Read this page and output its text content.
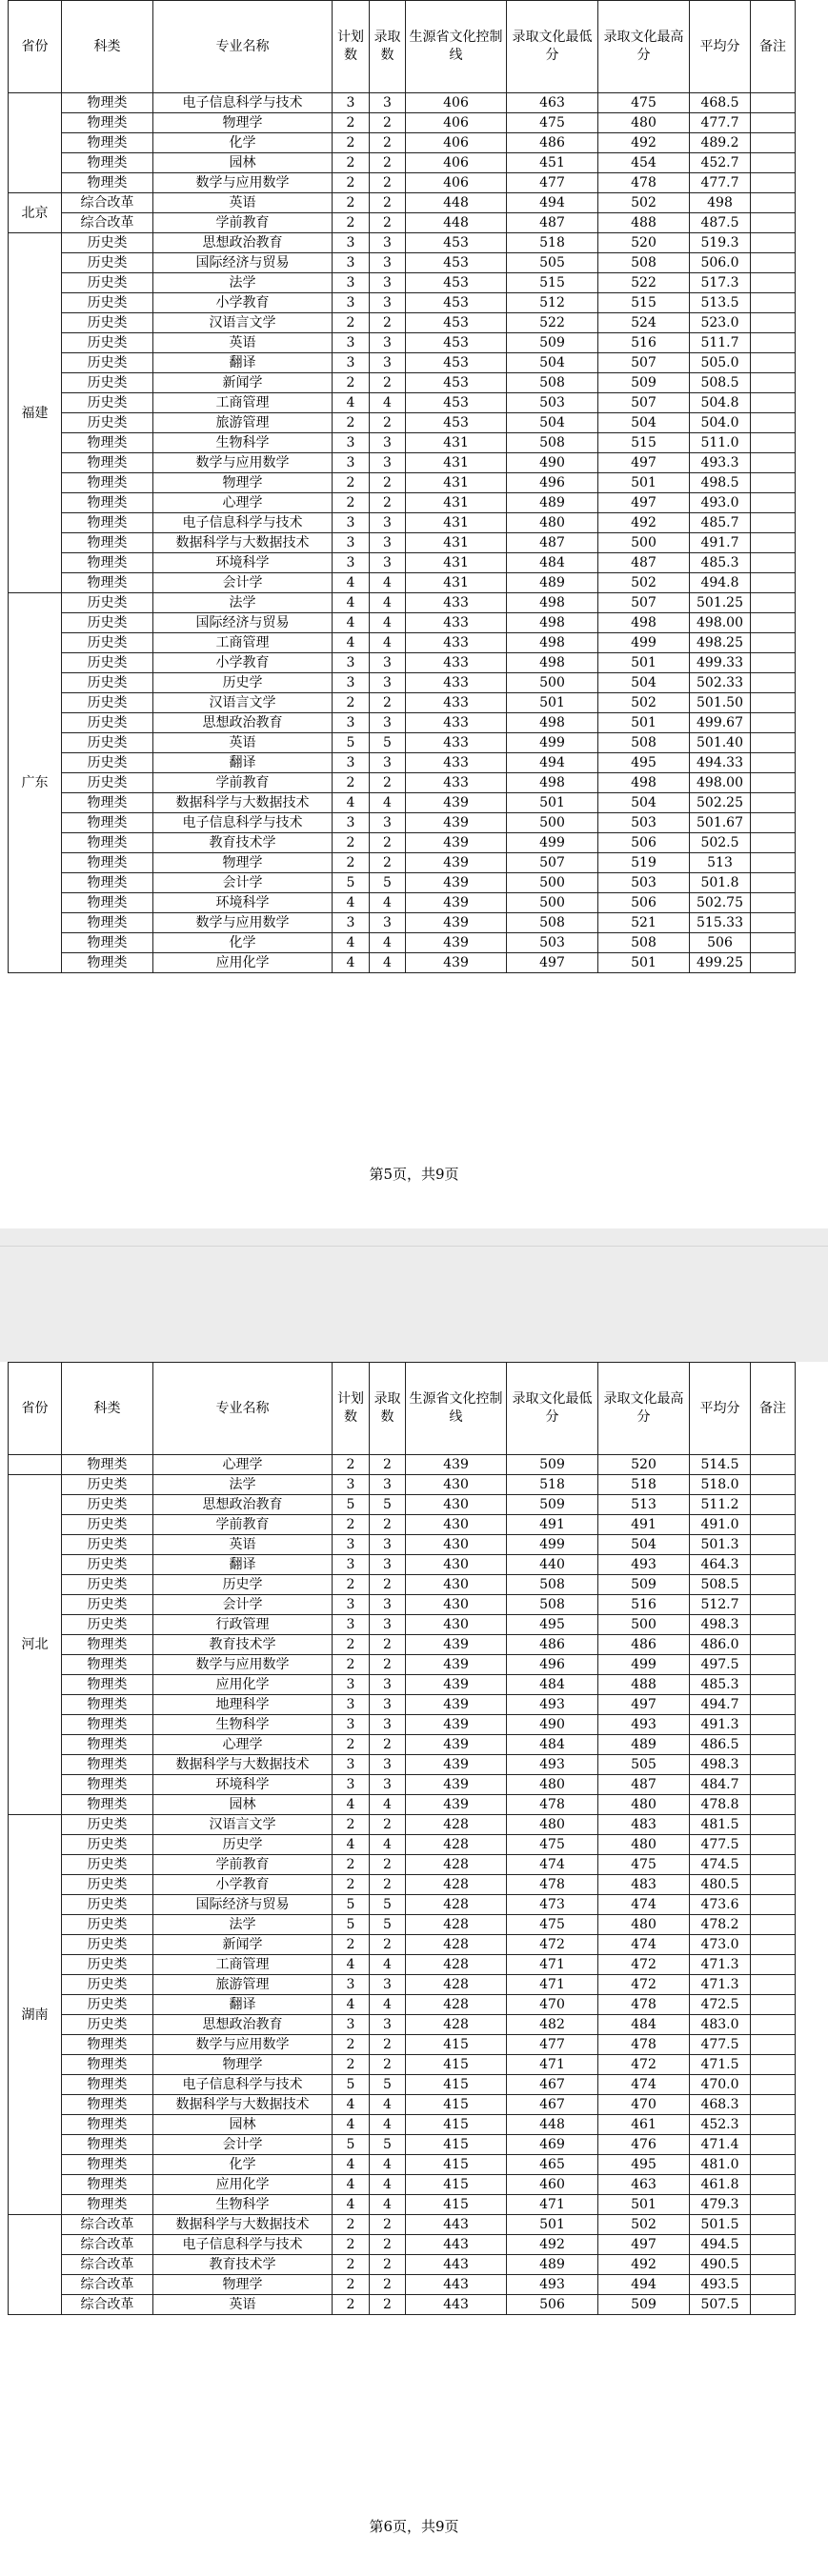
省份	科类	专业名称	计划数	录取数	生源省文化控制线	录取文化最低分	录取文化最高分	平均分	备注
	物理类	电子信息科学与技术	3	3	406	463	475	468.5	
	物理类	物理学	2	2	406	475	480	477.7	
	物理类	化学	2	2	406	486	492	489.2	
	物理类	园林	2	2	406	451	454	452.7	
	物理类	数学与应用数学	2	2	406	477	478	477.7	
北京	综合改革	英语	2	2	448	494	502	498	
	综合改革	学前教育	2	2	448	487	488	487.5	
福建	历史类	思想政治教育	3	3	453	518	520	519.3	
	历史类	国际经济与贸易	3	3	453	505	508	506.0	
	历史类	法学	3	3	453	515	522	517.3	
	历史类	小学教育	3	3	453	512	515	513.5	
	历史类	汉语言文学	2	2	453	522	524	523.0	
	历史类	英语	3	3	453	509	516	511.7	
	历史类	翻译	3	3	453	504	507	505.0	
	历史类	新闻学	2	2	453	508	509	508.5	
	历史类	工商管理	4	4	453	503	507	504.8	
	历史类	旅游管理	2	2	453	504	504	504.0	
	物理类	生物科学	3	3	431	508	515	511.0	
	物理类	数学与应用数学	3	3	431	490	497	493.3	
	物理类	物理学	2	2	431	496	501	498.5	
	物理类	心理学	2	2	431	489	497	493.0	
	物理类	电子信息科学与技术	3	3	431	480	492	485.7	
	物理类	数据科学与大数据技术	3	3	431	487	500	491.7	
	物理类	环境科学	3	3	431	484	487	485.3	
	物理类	会计学	4	4	431	489	502	494.8	
广东	历史类	法学	4	4	433	498	507	501.25	
	历史类	国际经济与贸易	4	4	433	498	498	498.00	
	历史类	工商管理	4	4	433	498	499	498.25	
	历史类	小学教育	3	3	433	498	501	499.33	
	历史类	历史学	3	3	433	500	504	502.33	
	历史类	汉语言文学	2	2	433	501	502	501.50	
	历史类	思想政治教育	3	3	433	498	501	499.67	
	历史类	英语	5	5	433	499	508	501.40	
	历史类	翻译	3	3	433	494	495	494.33	
	历史类	学前教育	2	2	433	498	498	498.00	
	物理类	数据科学与大数据技术	4	4	439	501	504	502.25	
	物理类	电子信息科学与技术	3	3	439	500	503	501.67	
	物理类	教育技术学	2	2	439	499	506	502.5	
	物理类	物理学	2	2	439	507	519	513	
	物理类	会计学	5	5	439	500	503	501.8	
	物理类	环境科学	4	4	439	500	506	502.75	
	物理类	数学与应用数学	3	3	439	508	521	515.33	
	物理类	化学	4	4	439	503	508	506	
	物理类	应用化学	4	4	439	497	501	499.25	
第5页，共9页
省份	科类	专业名称	计划数	录取数	生源省文化控制线	录取文化最低分	录取文化最高分	平均分	备注
	物理类	心理学	2	2	439	509	520	514.5	
河北	历史类	法学	3	3	430	518	518	518.0	
	历史类	思想政治教育	5	5	430	509	513	511.2	
	历史类	学前教育	2	2	430	491	491	491.0	
	历史类	英语	3	3	430	499	504	501.3	
	历史类	翻译	3	3	430	440	493	464.3	
	历史类	历史学	2	2	430	508	509	508.5	
	历史类	会计学	3	3	430	508	516	512.7	
	历史类	行政管理	3	3	430	495	500	498.3	
	物理类	教育技术学	2	2	439	486	486	486.0	
	物理类	数学与应用数学	2	2	439	496	499	497.5	
	物理类	应用化学	3	3	439	484	488	485.3	
	物理类	地理科学	3	3	439	493	497	494.7	
	物理类	生物科学	3	3	439	490	493	491.3	
	物理类	心理学	2	2	439	484	489	486.5	
	物理类	数据科学与大数据技术	3	3	439	493	505	498.3	
	物理类	环境科学	3	3	439	480	487	484.7	
	物理类	园林	4	4	439	478	480	478.8	
湖南	历史类	汉语言文学	2	2	428	480	483	481.5	
	历史类	历史学	4	4	428	475	480	477.5	
	历史类	学前教育	2	2	428	474	475	474.5	
	历史类	小学教育	2	2	428	478	483	480.5	
	历史类	国际经济与贸易	5	5	428	473	474	473.6	
	历史类	法学	5	5	428	475	480	478.2	
	历史类	新闻学	2	2	428	472	474	473.0	
	历史类	工商管理	4	4	428	471	472	471.3	
	历史类	旅游管理	3	3	428	471	472	471.3	
	历史类	翻译	4	4	428	470	478	472.5	
	历史类	思想政治教育	3	3	428	482	484	483.0	
	物理类	数学与应用数学	2	2	415	477	478	477.5	
	物理类	物理学	2	2	415	471	472	471.5	
	物理类	电子信息科学与技术	5	5	415	467	474	470.0	
	物理类	数据科学与大数据技术	4	4	415	467	470	468.3	
	物理类	园林	4	4	415	448	461	452.3	
	物理类	会计学	5	5	415	469	476	471.4	
	物理类	化学	4	4	415	465	495	481.0	
	物理类	应用化学	4	4	415	460	463	461.8	
	物理类	生物科学	4	4	415	471	501	479.3	
	综合改革	数据科学与大数据技术	2	2	443	501	502	501.5	
	综合改革	电子信息科学与技术	2	2	443	492	497	494.5	
	综合改革	教育技术学	2	2	443	489	492	490.5	
	综合改革	物理学	2	2	443	493	494	493.5	
	综合改革	英语	2	2	443	506	509	507.5	
第6页，共9页
